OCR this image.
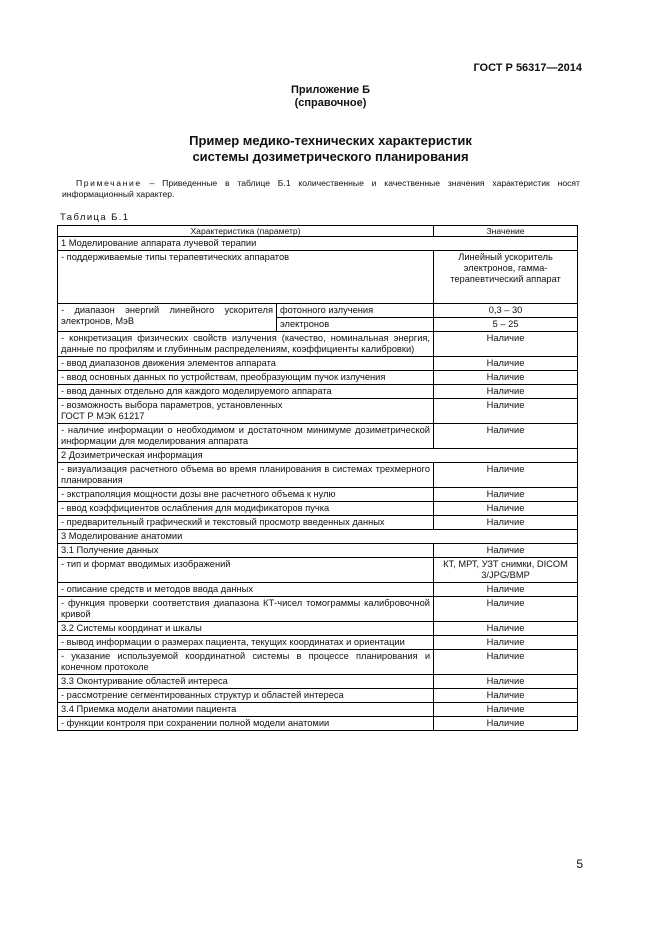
ГОСТ Р 56317—2014
Приложение Б
(справочное)
Пример медико-технических характеристик
системы дозиметрического планирования
Примечание – Приведенные в таблице Б.1 количественные и качественные значения характеристик носят информационный характер.
Таблица Б.1
Характеристика (параметр)		Значение
1 Моделирование аппарата лучевой терапии		
- поддерживаемые типы терапевтических аппаратов		Линейный ускоритель электронов, гамма-терапевтический аппарат
- диапазон энергий линейного ускорителя электронов, МэВ	фотонного излучения	0,3 – 30
	электронов	5 – 25
- конкретизация физических свойств излучения (качество, номинальная энергия, данные по профилям и глубинным распределениям, коэффициенты калибровки)		Наличие
- ввод диапазонов движения элементов аппарата		Наличие
- ввод основных данных по устройствам, преобразующим пучок излучения		Наличие
- ввод данных отдельно для каждого моделируемого аппарата		Наличие

- возможность выбора параметров, установленных
ГОСТ Р МЭК 61217		Наличие
- наличие информации о необходимом и достаточном минимуме дозиметрической информации для моделирования аппарата		Наличие
2 Дозиметрическая информация		
- визуализация расчетного объема во время планирования в системах трехмерного планирования		Наличие
- экстраполяция мощности дозы вне расчетного объема к нулю		Наличие
- ввод коэффициентов ослабления для модификаторов пучка		Наличие
- предварительный графический и текстовый просмотр введенных данных		Наличие
3 Моделирование анатомии		
3.1 Получение данных		Наличие
- тип и формат вводимых изображений		КТ, МРТ, УЗТ снимки, DICOM 3/JPG/BMP
- описание средств и методов ввода данных		Наличие
- функция проверки соответствия диапазона КТ-чисел томограммы калибровочной кривой		Наличие
3.2 Системы координат и шкалы		Наличие
- вывод информации о размерах пациента, текущих координатах и ориентации		Наличие
- указание используемой координатной системы в процессе планирования и конечном протоколе		Наличие
3.3 Оконтуривание областей интереса		Наличие
- рассмотрение сегментированных структур и областей интереса		Наличие
3.4 Приемка модели анатомии пациента		Наличие
- функции контроля при сохранении полной модели анатомии		Наличие
5
